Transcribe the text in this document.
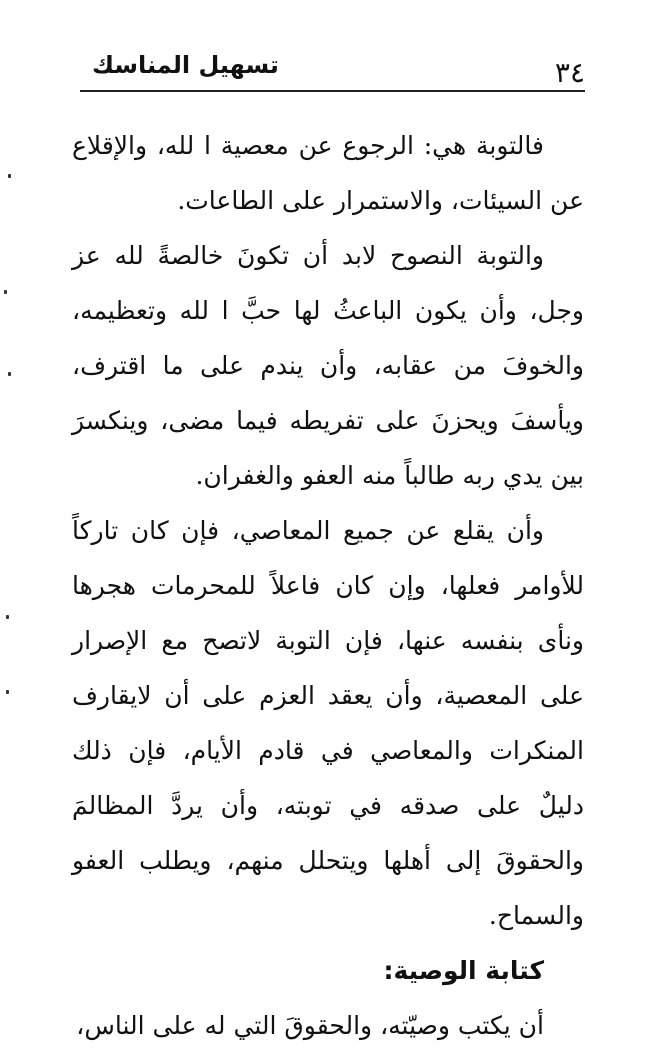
٣٤
تسهيل المناسك

فالتوبة هي: الرجوع عن معصية ا لله، والإقلاع عن السيئات، والاستمرار على الطاعات.

والتوبة النصوح لابد أن تكونَ خالصةً لله عز وجل، وأن يكون الباعثُ لها حبَّ ا لله وتعظيمه، والخوفَ من عقابه، وأن يندم على ما اقترف، ويأسفَ ويحزنَ على تفريطه فيما مضى، وينكسرَ بين يدي ربه طالباً منه العفو والغفران.

وأن يقلع عن جميع المعاصي، فإن كان تاركاً للأوامر فعلها، وإن كان فاعلاً للمحرمات هجرها ونأى بنفسه عنها، فإن التوبة لاتصح مع الإصرار على المعصية، وأن يعقد العزم على أن لايقارف المنكرات والمعاصي في قادم الأيام، فإن ذلك دليلٌ على صدقه في توبته، وأن يردَّ المظالمَ والحقوقَ إلى أهلها ويتحلل منهم، ويطلب العفو والسماح.

كتابة الوصية:

أن يكتب وصيّته، والحقوقَ التي له على الناس،
